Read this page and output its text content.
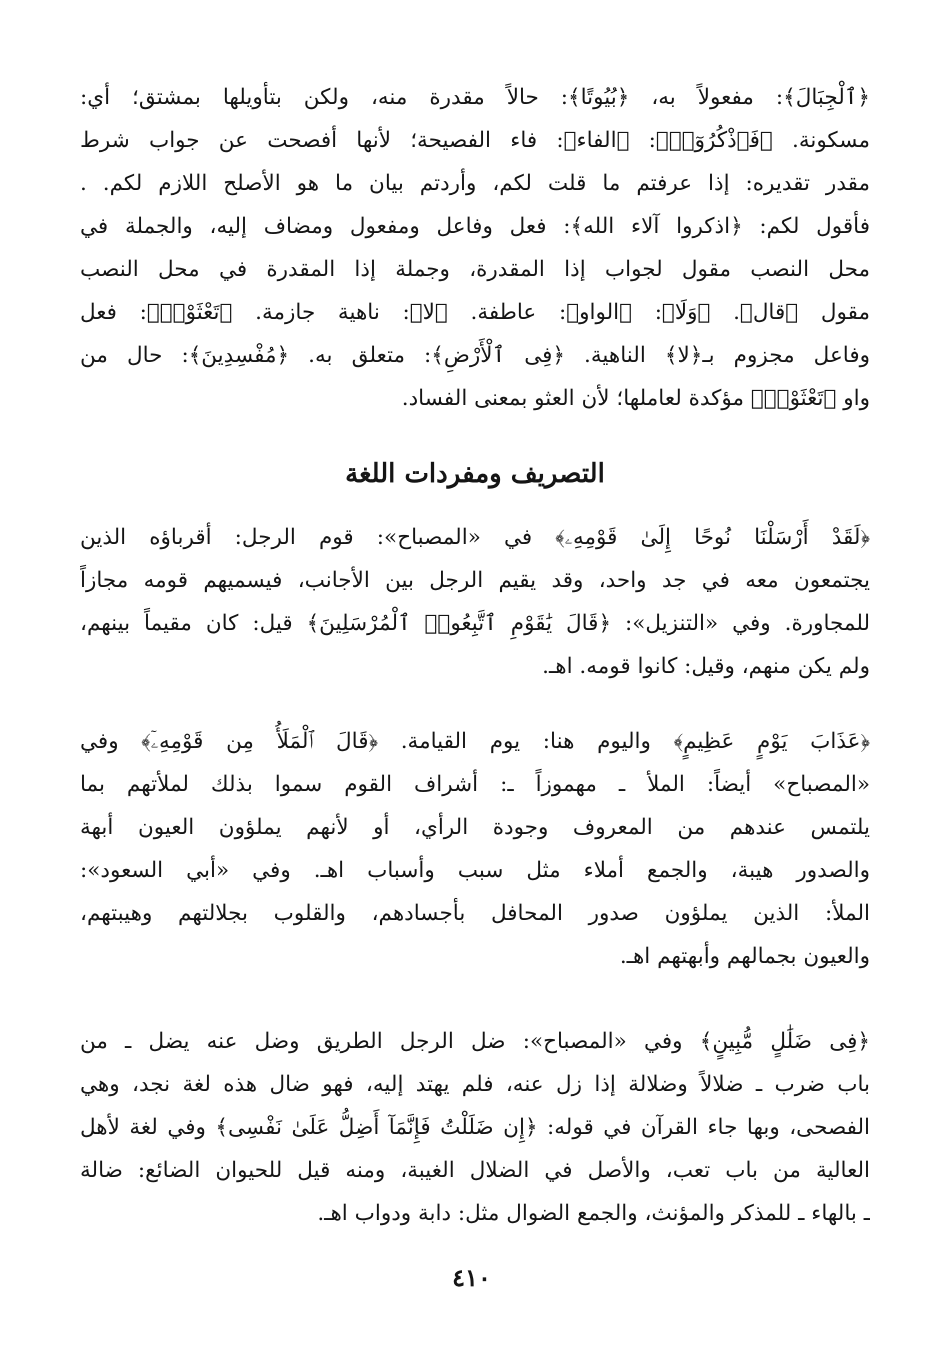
﴿ٱلْجِبَالَ﴾: مفعولاً به، ﴿بُيُوتًا﴾: حالاً مقدرة منه، ولكن بتأويلها بمشتق؛ أي:
مسكونة. ﴿فَٱذْكُرُوٓا۟﴾: ﴿الفاء﴾: فاء الفصيحة؛ لأنها أفصحت عن جواب شرط
مقدر تقديره: إذا عرفتم ما قلت لكم، وأردتم بيان ما هو الأصلح اللازم لكم. .
فأقول لكم: ﴿اذكروا آلاء الله﴾: فعل وفاعل ومفعول ومضاف إليه، والجملة في
محل النصب مقول لجواب إذا المقدرة، وجملة إذا المقدرة في محل النصب
مقول ﴿قال﴾. ﴿وَلَا﴾: ﴿الواو﴾: عاطفة. ﴿لا﴾: ناهية جازمة. ﴿تَعْثَوْا۟﴾: فعل
وفاعل مجزوم بـ﴿لا﴾ الناهية. ﴿فِى ٱلْأَرْضِ﴾: متعلق به. ﴿مُفْسِدِينَ﴾: حال من
واو ﴿تَعْثَوْا۟﴾ مؤكدة لعاملها؛ لأن العثو بمعنى الفساد.
التصريف ومفردات اللغة
﴿لَقَدْ أَرْسَلْنَا نُوحًا إِلَىٰ قَوْمِهِۦ﴾ في «المصباح»: قوم الرجل: أقرباؤه الذين
يجتمعون معه في جد واحد، وقد يقيم الرجل بين الأجانب، فيسميهم قومه مجازاً
للمجاورة. وفي «التنزيل»: ﴿قَالَ يَٰقَوْمِ ٱتَّبِعُوا۟ ٱلْمُرْسَلِينَ﴾ قيل: كان مقيماً بينهم،
ولم يكن منهم، وقيل: كانوا قومه. اهـ.
﴿عَذَابَ يَوْمٍ عَظِيمٍ﴾ واليوم هنا: يوم القيامة. ﴿قَالَ ٱلْمَلَأُ مِن قَوْمِهِۦٓ﴾ وفي
«المصباح» أيضاً: الملأ ـ مهموزاً ـ: أشراف القوم سموا بذلك لملأتهم بما
يلتمس عندهم من المعروف وجودة الرأي، أو لأنهم يملؤون العيون أبهة
والصدور هيبة، والجمع أملاء مثل سبب وأسباب اهـ. وفي «أبي السعود»:
الملأ: الذين يملؤون صدور المحافل بأجسادهم، والقلوب بجلالتهم وهيبتهم،
والعيون بجمالهم وأبهتهم اهـ.
﴿فِى ضَلَٰلٍ مُّبِينٍ﴾ وفي «المصباح»: ضل الرجل الطريق وضل عنه يضل ـ من
باب ضرب ـ ضلالاً وضلالة إذا زل عنه، فلم يهتد إليه، فهو ضال هذه لغة نجد، وهي
الفصحى، وبها جاء القرآن في قوله: ﴿إِن ضَلَلْتُ فَإِنَّمَآ أَضِلُّ عَلَىٰ نَفْسِى﴾ وفي لغة لأهل
العالية من باب تعب، والأصل في الضلال الغيبة، ومنه قيل للحيوان الضائع: ضالة
ـ بالهاء ـ للمذكر والمؤنث، والجمع الضوال مثل: دابة ودواب اهـ.
٤١٠
